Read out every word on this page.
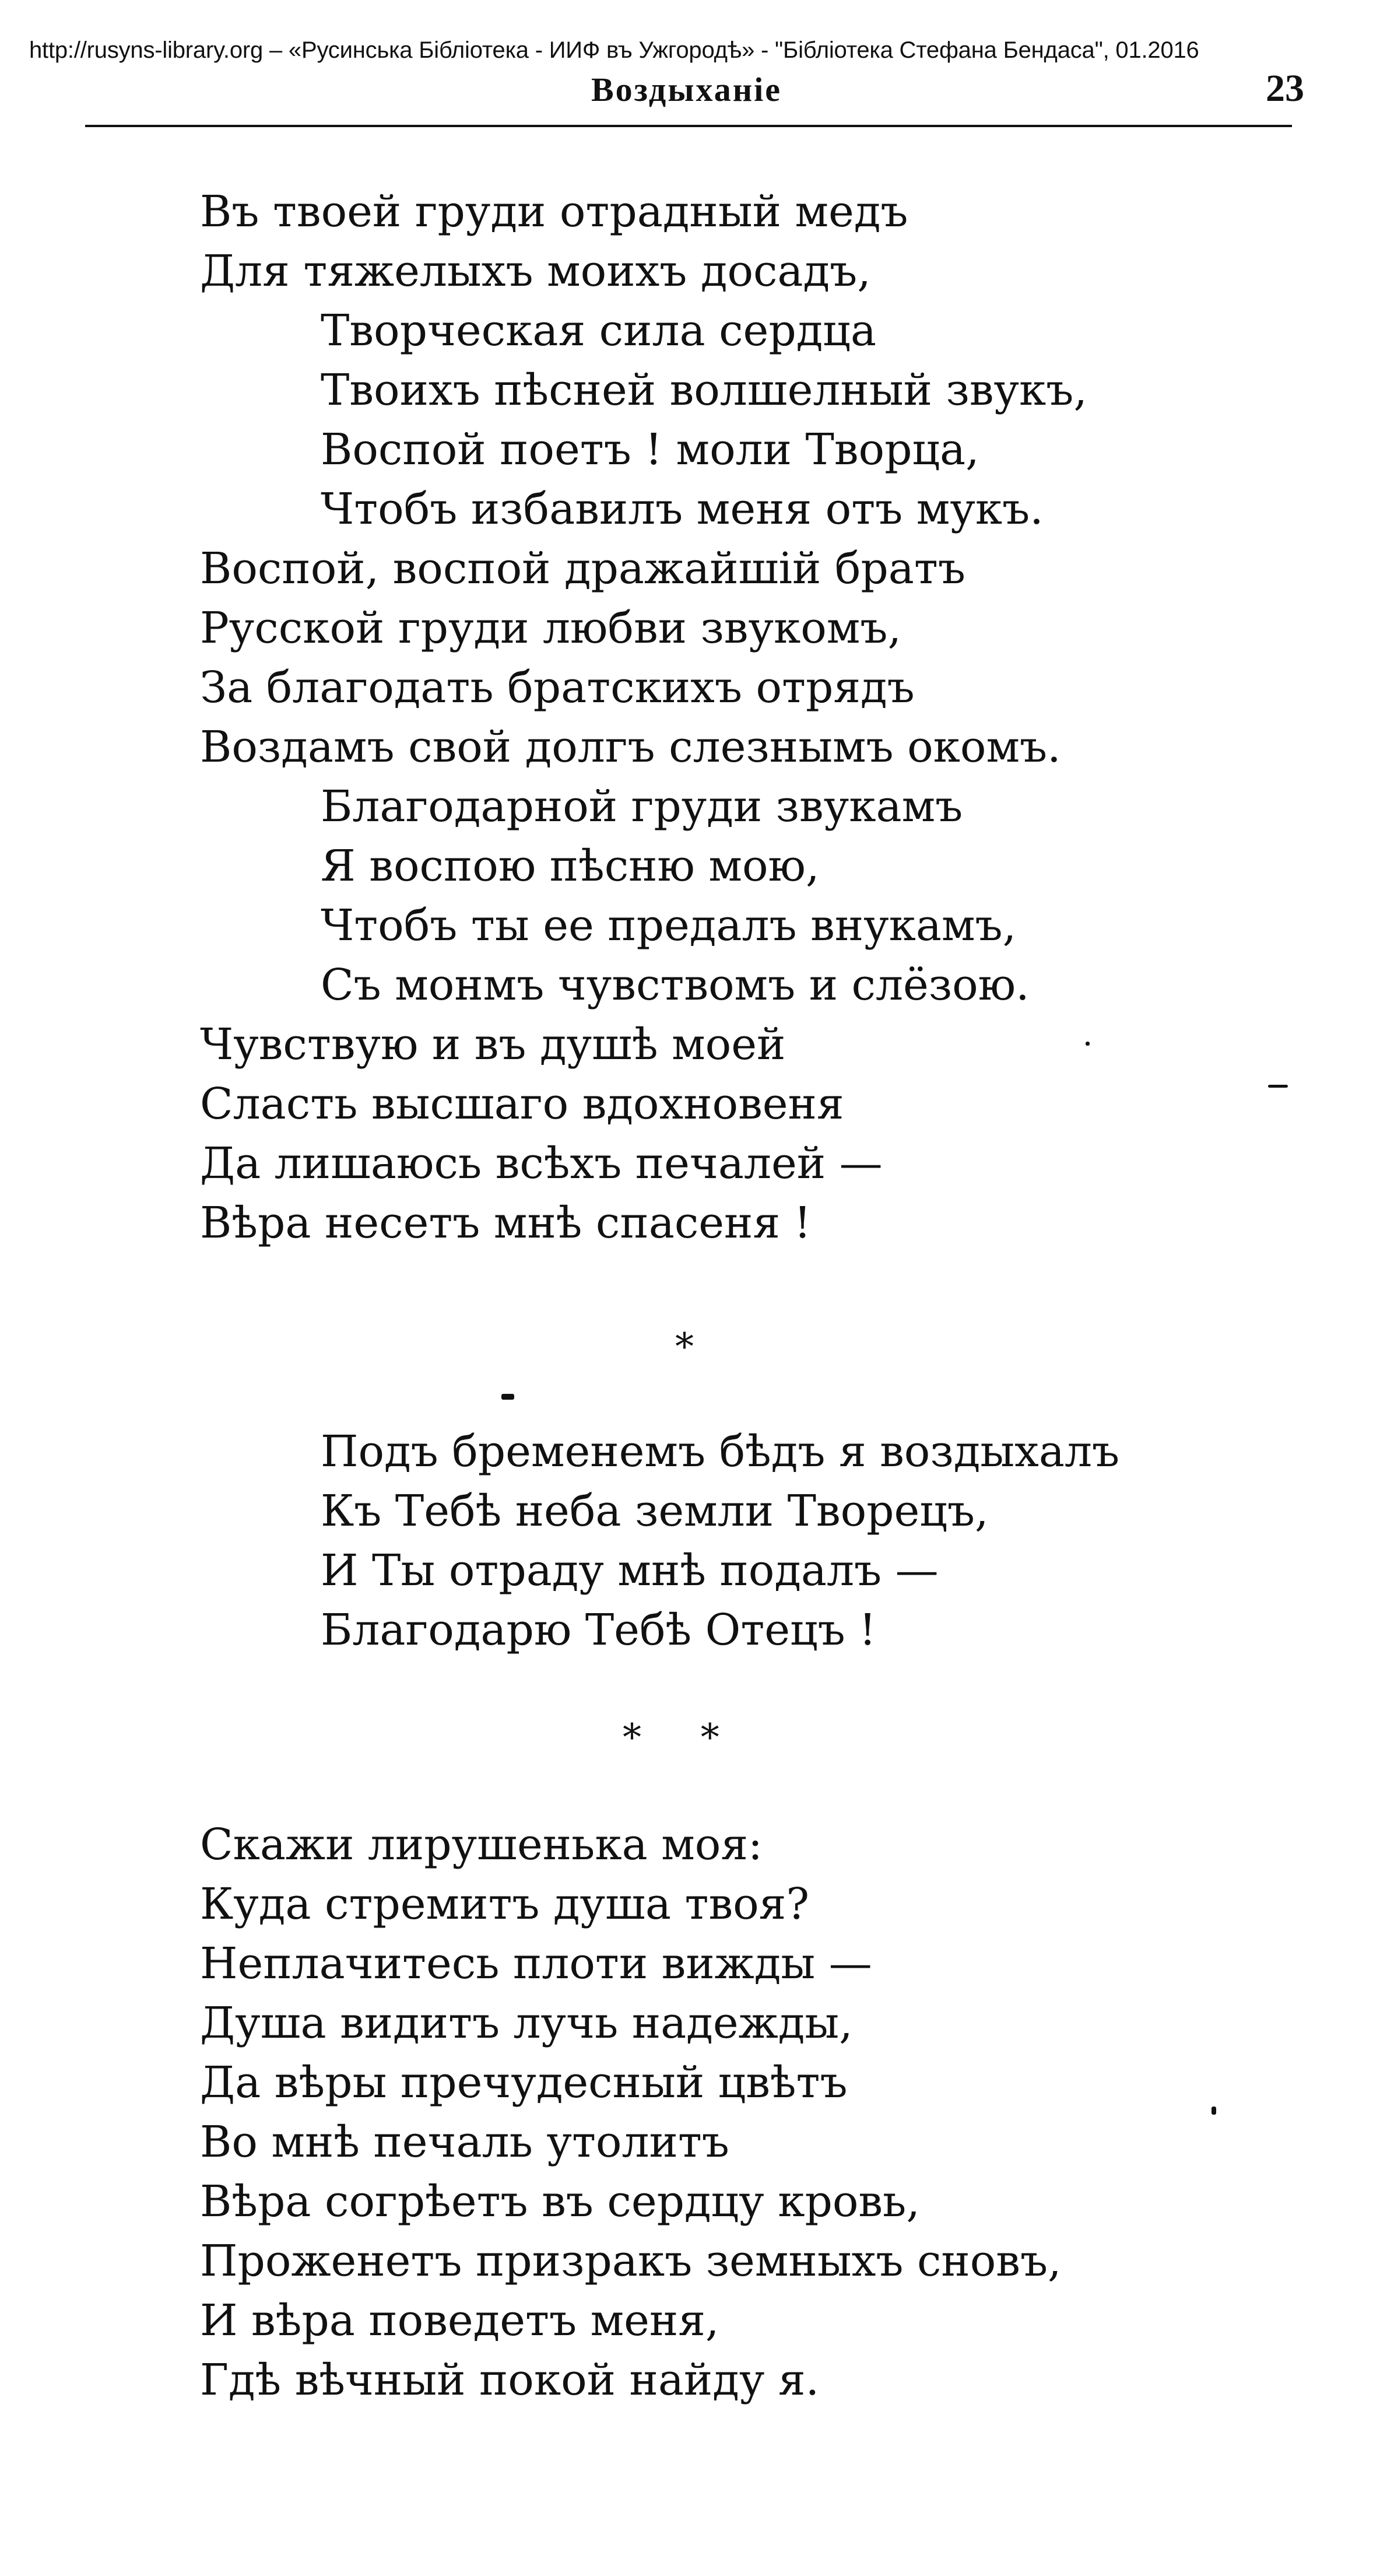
http://rusyns-library.org – «Русинська Бібліотека - ИИФ въ Ужгородѣ» - "Бібліотека Стефана Бендаса", 01.2016
Воздыханіе	23
Въ твоей груди отрадный медъ
Для тяжелыхъ моихъ досадъ,
Творческая сила сердца
Твоихъ пѣсней волшелный звукъ,
Воспой поетъ ! моли Творца,
Чтобъ избавилъ меня отъ мукъ.
Воспой, воспой дражайшій братъ
Русской груди любви звукомъ,
За благодать братскихъ отрядъ
Воздамъ свой долгъ слезнымъ окомъ.
Благодарной груди звукамъ
Я воспою пѣсню мою,
Чтобъ ты ее предалъ внукамъ,
Съ монмъ чувствомъ и слёзою.
Чувствую и въ душѣ моей
Сласть высшаго вдохновеня
Да лишаюсь всѣхъ печалей —
Вѣра несетъ мнѣ спасеня !
*
Подъ бременемъ бѣдъ я воздыхалъ
Къ Тебѣ неба земли Творецъ,
И Ты отраду мнѣ подалъ —
Благодарю Тебѣ Отецъ !
*     *
Скажи лирушенька моя:
Куда стремитъ душа твоя?
Неплачитесь плоти вижды —
Душа видитъ лучь надежды,
Да вѣры пречудесный цвѣтъ
Во мнѣ печаль утолитъ
Вѣра согрѣетъ въ сердцу кровь,
Проженетъ призракъ земныхъ сновъ,
И вѣра поведетъ меня,
Гдѣ вѣчный покой найду я.
